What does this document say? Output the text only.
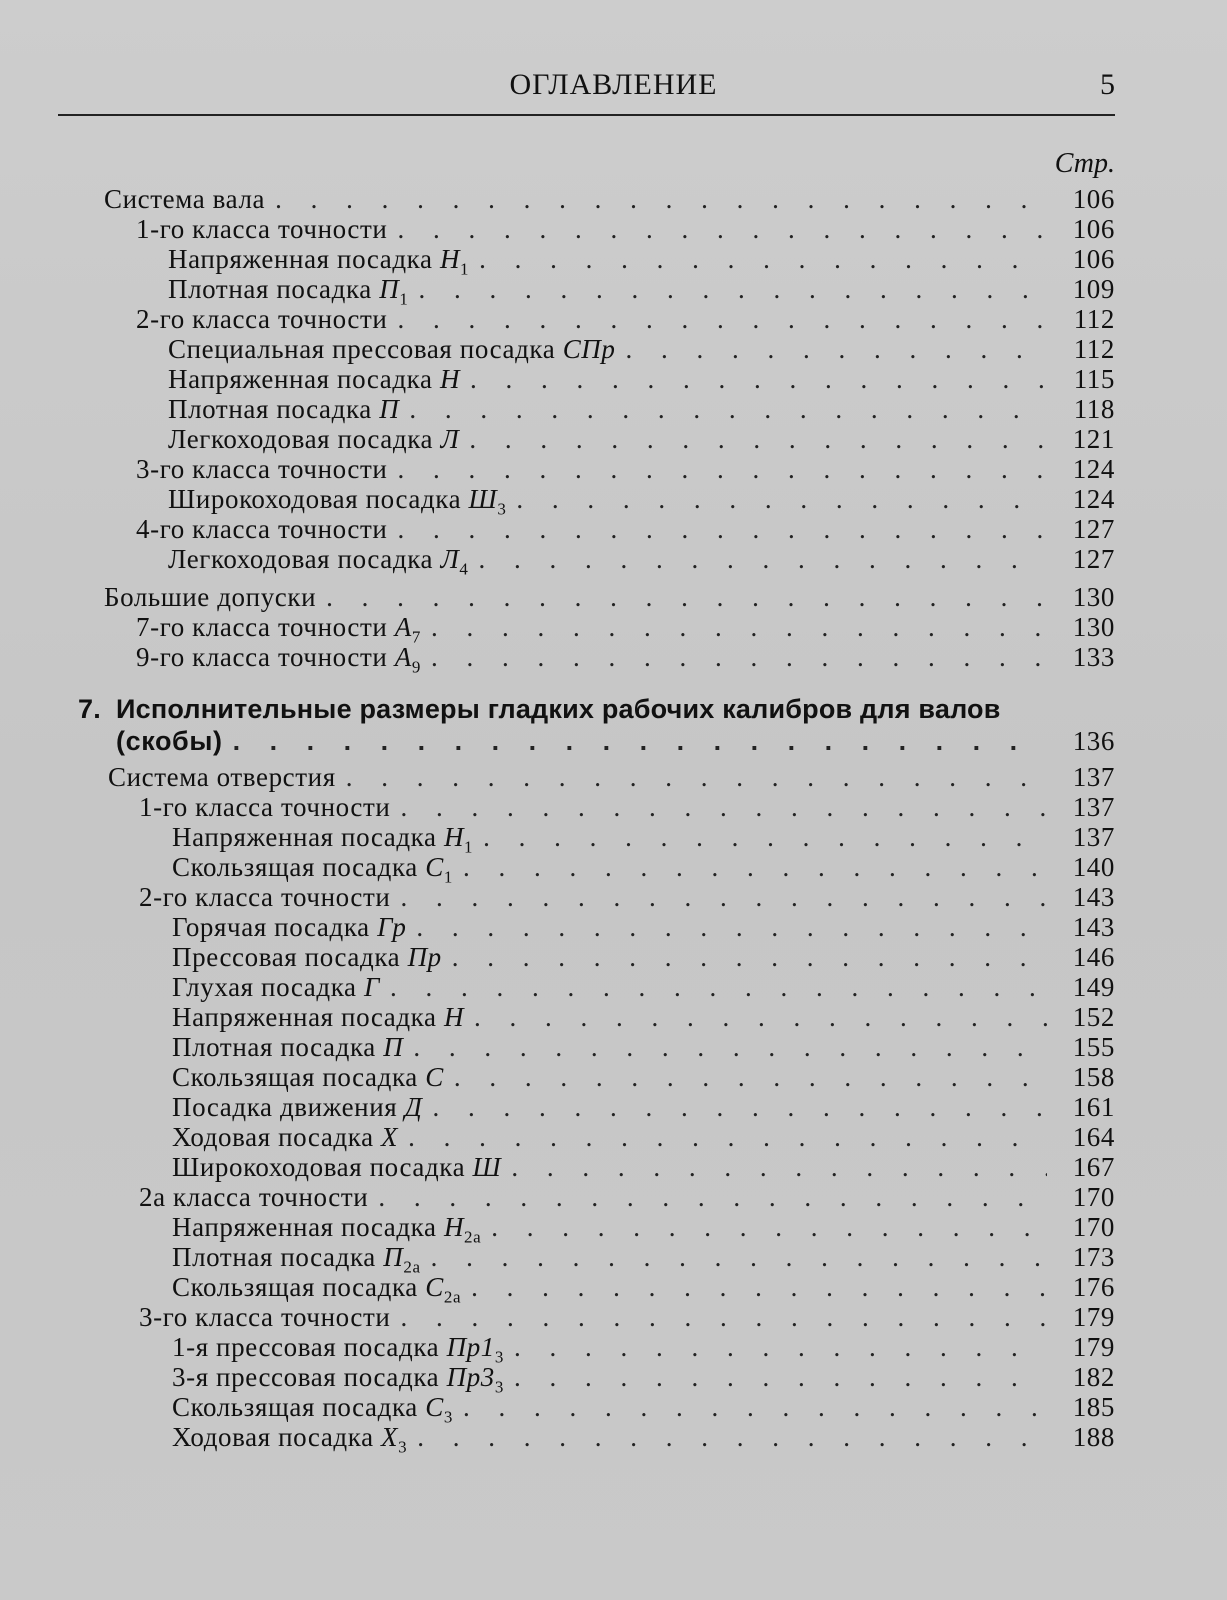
ОГЛАВЛЕНИЕ	5
Стр.
Система вала . . .	106
1-го класса точности . . .	106
Напряженная посадка $Н_1$ . . .	106
Плотная посадка $П_1$ . . .	109
2-го класса точности . . .	112
Специальная прессовая посадка СПр . . .	112
Напряженная посадка Н . . .	115
Плотная посадка П . . .	118
Легкоходовая посадка Л . . .	121
3-го класса точности . . .	124
Широкоходовая посадка $Ш_3$ . . .	124
4-го класса точности . . .	127
Легкоходовая посадка $Л_4$ . . .	127
Большие допуски . . .	130
7-го класса точности $А_7$ . . .	130
9-го класса точности $А_9$ . . .	133
7. Исполнительные размеры гладких рабочих калибров для валов
(скобы) . . .	136
Система отверстия . . .	137
1-го класса точности . . .	137
Напряженная посадка $Н_1$ . . .	137
Скользящая посадка $С_1$ . . .	140
2-го класса точности . . .	143
Горячая посадка Гр . . .	143
Прессовая посадка Пр . . .	146
Глухая посадка Г . . .	149
Напряженная посадка Н . . .	152
Плотная посадка П . . .	155
Скользящая посадка С . . .	158
Посадка движения Д . . .	161
Ходовая посадка Х . . .	164
Широкоходовая посадка Ш . . .	167
2а класса точности . . .	170
Напряженная посадка $Н_{2а}$ . . .	170
Плотная посадка $П_{2а}$ . . .	173
Скользящая посадка $С_{2а}$ . . .	176
3-го класса точности . . .	179
1-я прессовая посадка $Пр1_3$ . . .	179
3-я прессовая посадка $Пр3_3$ . . .	182
Скользящая посадка $С_3$ . . .	185
Ходовая посадка $Х_3$ . . .	188
